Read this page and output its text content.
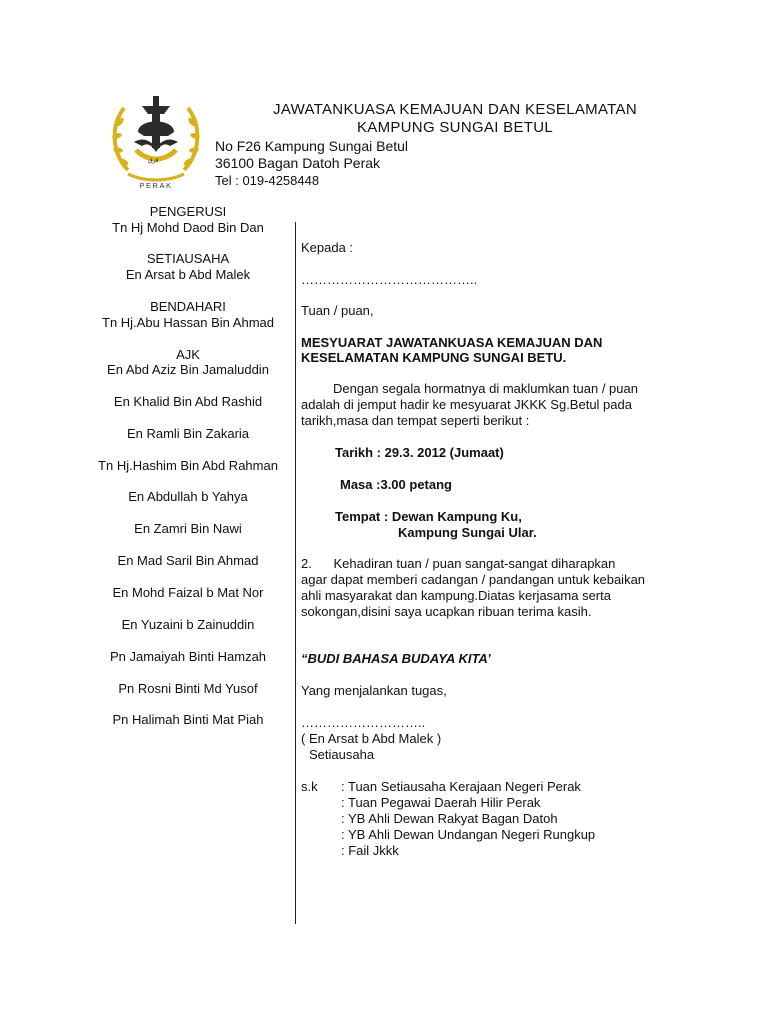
ﭬﺭﻕ
PERAK
JAWATANKUASA KEMAJUAN DAN KESELAMATAN
KAMPUNG SUNGAI BETUL
No F26 Kampung Sungai Betul
36100 Bagan Datoh Perak
Tel : 019-4258448
PENGERUSI
Tn Hj Mohd Daod Bin Dan
SETIAUSAHA
En Arsat b Abd Malek
BENDAHARI
Tn Hj.Abu Hassan Bin Ahmad
AJK
En Abd Aziz Bin Jamaluddin
En Khalid Bin Abd Rashid
En Ramli Bin Zakaria
Tn Hj.Hashim Bin Abd Rahman
En Abdullah b Yahya
En Zamri Bin Nawi
En Mad Saril Bin Ahmad
En Mohd Faizal b Mat Nor
En Yuzaini b Zainuddin
Pn Jamaiyah Binti Hamzah
Pn Rosni Binti Md Yusof
Pn Halimah Binti Mat Piah
Kepada :
…………………………………..
Tuan / puan,
MESYUARAT JAWATANKUASA KEMAJUAN DAN
KESELAMATAN KAMPUNG SUNGAI BETU.
Dengan segala hormatnya di maklumkan tuan / puan
adalah di jemput hadir ke mesyuarat JKKK Sg.Betul pada
tarikh,masa dan tempat seperti berikut :
Tarikh : 29.3. 2012 (Jumaat)
Masa :3.00 petang
Tempat : Dewan Kampung Ku,
Kampung Sungai Ular.
2.      Kehadiran tuan / puan sangat-sangat diharapkan
agar dapat memberi cadangan / pandangan untuk kebaikan
ahli masyarakat dan kampung.Diatas kerjasama serta
sokongan,disini saya ucapkan ribuan terima kasih.
“BUDI BAHASA BUDAYA KITA’
Yang menjalankan tugas,
………………………..
( En Arsat b Abd Malek )
Setiausaha
s.k	: Tuan Setiausaha Kerajaan Negeri Perak
: Tuan Pegawai Daerah Hilir Perak
: YB Ahli Dewan Rakyat Bagan Datoh
: YB Ahli Dewan Undangan Negeri Rungkup
: Fail Jkkk
